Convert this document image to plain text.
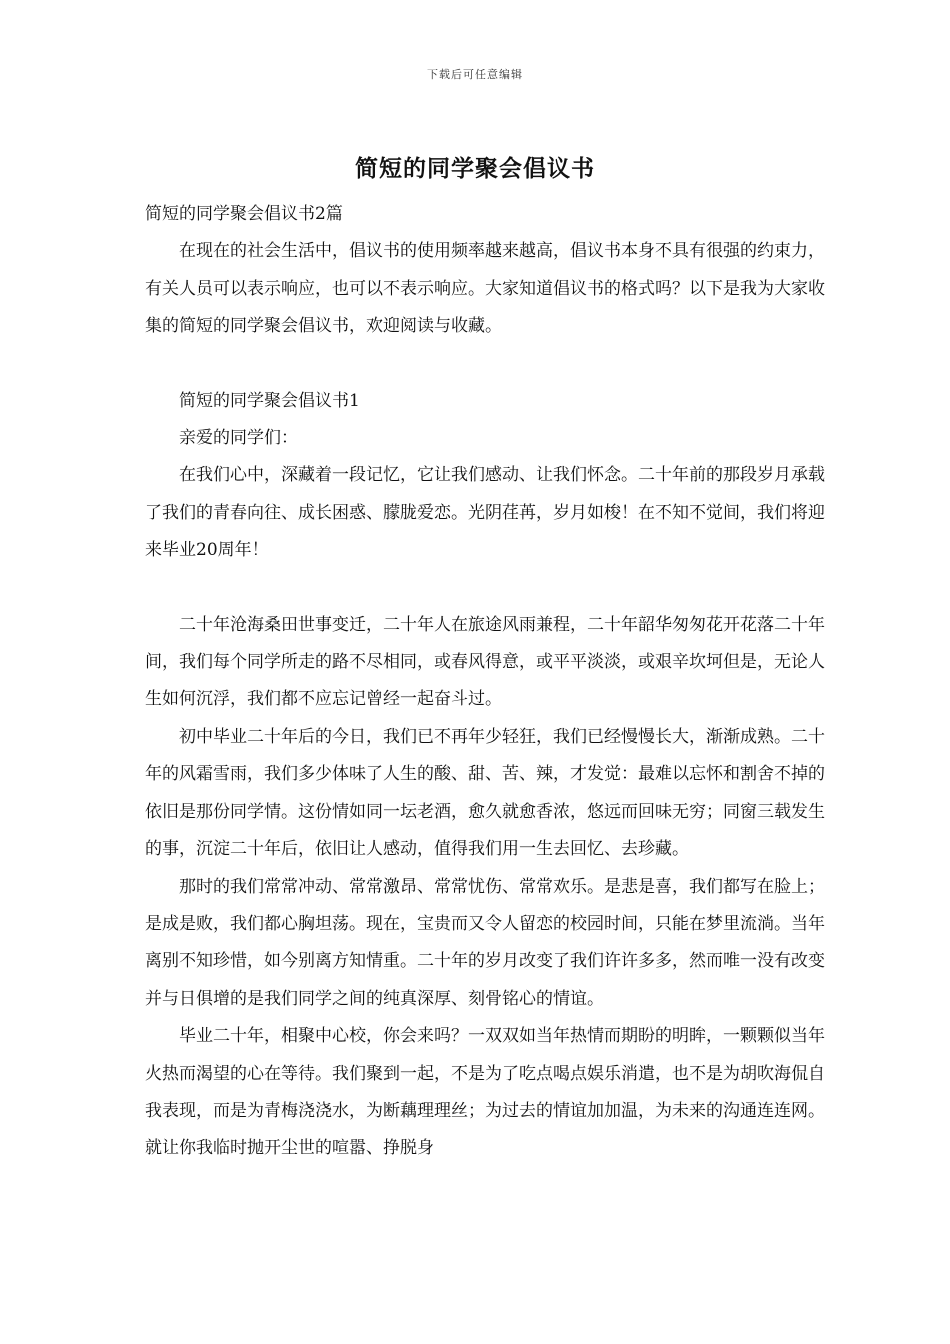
下载后可任意编辑
简短的同学聚会倡议书

简短的同学聚会倡议书2篇

在现在的社会生活中，倡议书的使用频率越来越高，倡议书本身不具有很强的约束力，有关人员可以表示响应，也可以不表示响应。大家知道倡议书的格式吗？以下是我为大家收集的简短的同学聚会倡议书，欢迎阅读与收藏。

简短的同学聚会倡议书1

亲爱的同学们：

在我们心中，深藏着一段记忆，它让我们感动、让我们怀念。二十年前的那段岁月承载了我们的青春向往、成长困惑、朦胧爱恋。光阴荏苒，岁月如梭！在不知不觉间，我们将迎来毕业20周年！

二十年沧海桑田世事变迁，二十年人在旅途风雨兼程，二十年韶华匆匆花开花落二十年间，我们每个同学所走的路不尽相同，或春风得意，或平平淡淡，或艰辛坎坷但是，无论人生如何沉浮，我们都不应忘记曾经一起奋斗过。

初中毕业二十年后的今日，我们已不再年少轻狂，我们已经慢慢长大，渐渐成熟。二十年的风霜雪雨，我们多少体味了人生的酸、甜、苦、辣，才发觉：最难以忘怀和割舍不掉的依旧是那份同学情。这份情如同一坛老酒，愈久就愈香浓，悠远而回味无穷；同窗三载发生的事，沉淀二十年后，依旧让人感动，值得我们用一生去回忆、去珍藏。

那时的我们常常冲动、常常激昂、常常忧伤、常常欢乐。是悲是喜，我们都写在脸上；是成是败，我们都心胸坦荡。现在，宝贵而又令人留恋的校园时间，只能在梦里流淌。当年离别不知珍惜，如今别离方知情重。二十年的岁月改变了我们许许多多，然而唯一没有改变并与日俱增的是我们同学之间的纯真深厚、刻骨铭心的情谊。

毕业二十年，相聚中心校，你会来吗？一双双如当年热情而期盼的明眸，一颗颗似当年火热而渴望的心在等待。我们聚到一起，不是为了吃点喝点娱乐消遣，也不是为胡吹海侃自我表现，而是为青梅浇浇水，为断藕理理丝；为过去的情谊加加温，为未来的沟通连连网。就让你我临时抛开尘世的喧嚣、挣脱身
